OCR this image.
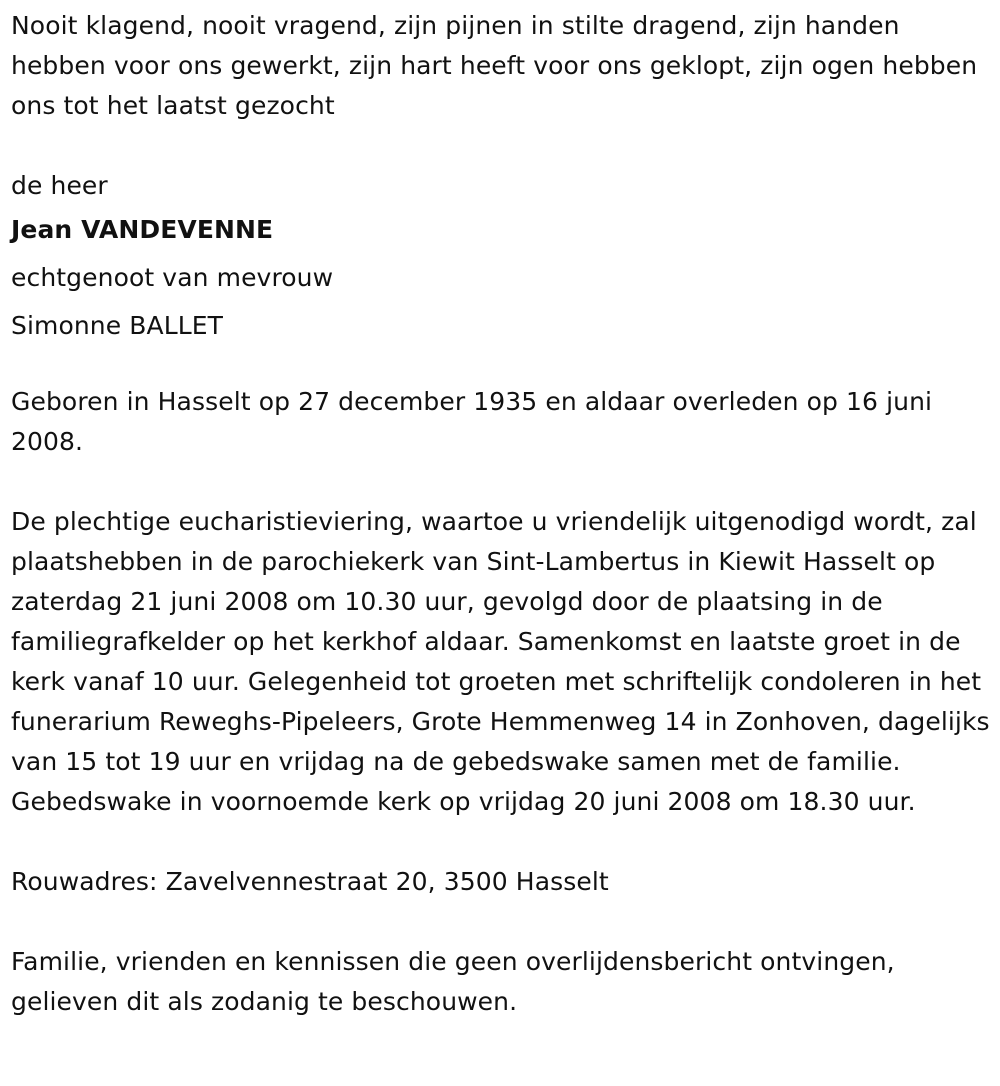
Nooit klagend, nooit vragend, zijn pijnen in stilte dragend, zijn handen hebben voor ons gewerkt, zijn hart heeft voor ons geklopt, zijn ogen hebben ons tot het laatst gezocht

de heer
Jean VANDEVENNE
echtgenoot van mevrouw
Simonne BALLET

Geboren in Hasselt op 27 december 1935 en aldaar overleden op 16 juni 2008.

De plechtige eucharistieviering, waartoe u vriendelijk uitgenodigd wordt, zal plaatshebben in de parochiekerk van Sint-Lambertus in Kiewit Hasselt op zaterdag 21 juni 2008 om 10.30 uur, gevolgd door de plaatsing in de familiegrafkelder op het kerkhof aldaar. Samenkomst en laatste groet in de kerk vanaf 10 uur. Gelegenheid tot groeten met schriftelijk condoleren in het funerarium Reweghs-Pipeleers, Grote Hemmenweg 14 in Zonhoven, dagelijks van 15 tot 19 uur en vrijdag na de gebedswake samen met de familie. Gebedswake in voornoemde kerk op vrijdag 20 juni 2008 om 18.30 uur.

Rouwadres: Zavelvennestraat 20, 3500 Hasselt

Familie, vrienden en kennissen die geen overlijdensbericht ontvingen, gelieven dit als zodanig te beschouwen.
